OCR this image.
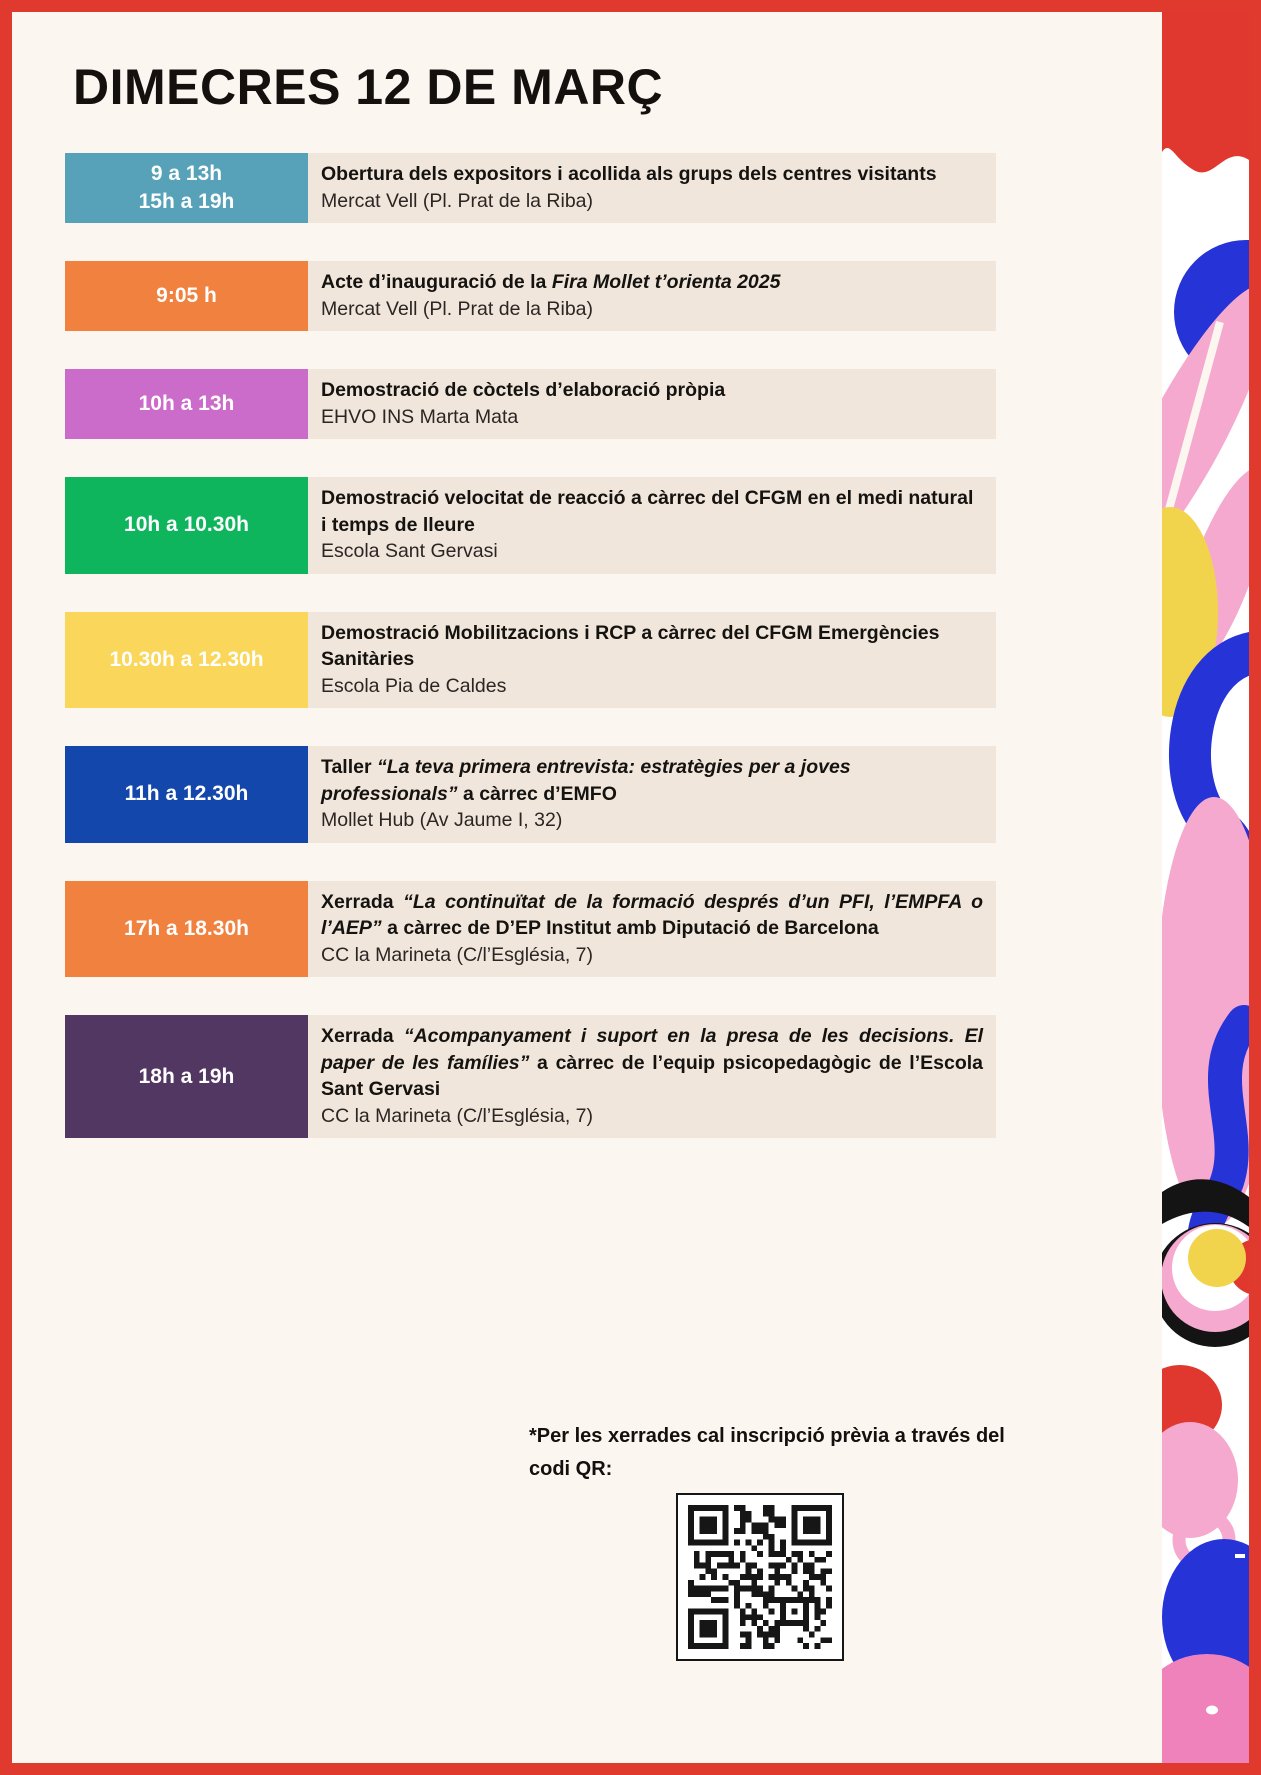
DIMECRES 12 DE MARÇ
9 a 13h
15h a 19h
Obertura dels expositors i acollida als grups dels centres visitants
Mercat Vell (Pl. Prat de la Riba)
9:05 h
Acte d’inauguració de la Fira Mollet t’orienta 2025
Mercat Vell (Pl. Prat de la Riba)
10h a 13h
Demostració de còctels d’elaboració pròpia
EHVO INS Marta Mata
10h a 10.30h
Demostració velocitat de reacció a càrrec del CFGM en el medi natural i temps de lleure
Escola Sant Gervasi
10.30h a 12.30h
Demostració Mobilitzacions i RCP a càrrec del CFGM Emergències Sanitàries
Escola Pia de Caldes
11h a 12.30h
Taller “La teva primera entrevista: estratègies per a joves professionals” a càrrec d’EMFO
Mollet Hub (Av Jaume I, 32)
17h a 18.30h
Xerrada “La continuïtat de la formació després d’un PFI, l’EMPFA o l’AEP” a càrrec de D’EP Institut amb Diputació de Barcelona
CC la Marineta (C/l’Església, 7)
18h a 19h
Xerrada “Acompanyament i suport en la presa de les decisions. El paper de les famílies” a càrrec de l’equip psicopedagògic de l’Escola Sant Gervasi
CC la Marineta (C/l’Església, 7)
*Per les xerrades cal inscripció prèvia a través del
codi QR:
